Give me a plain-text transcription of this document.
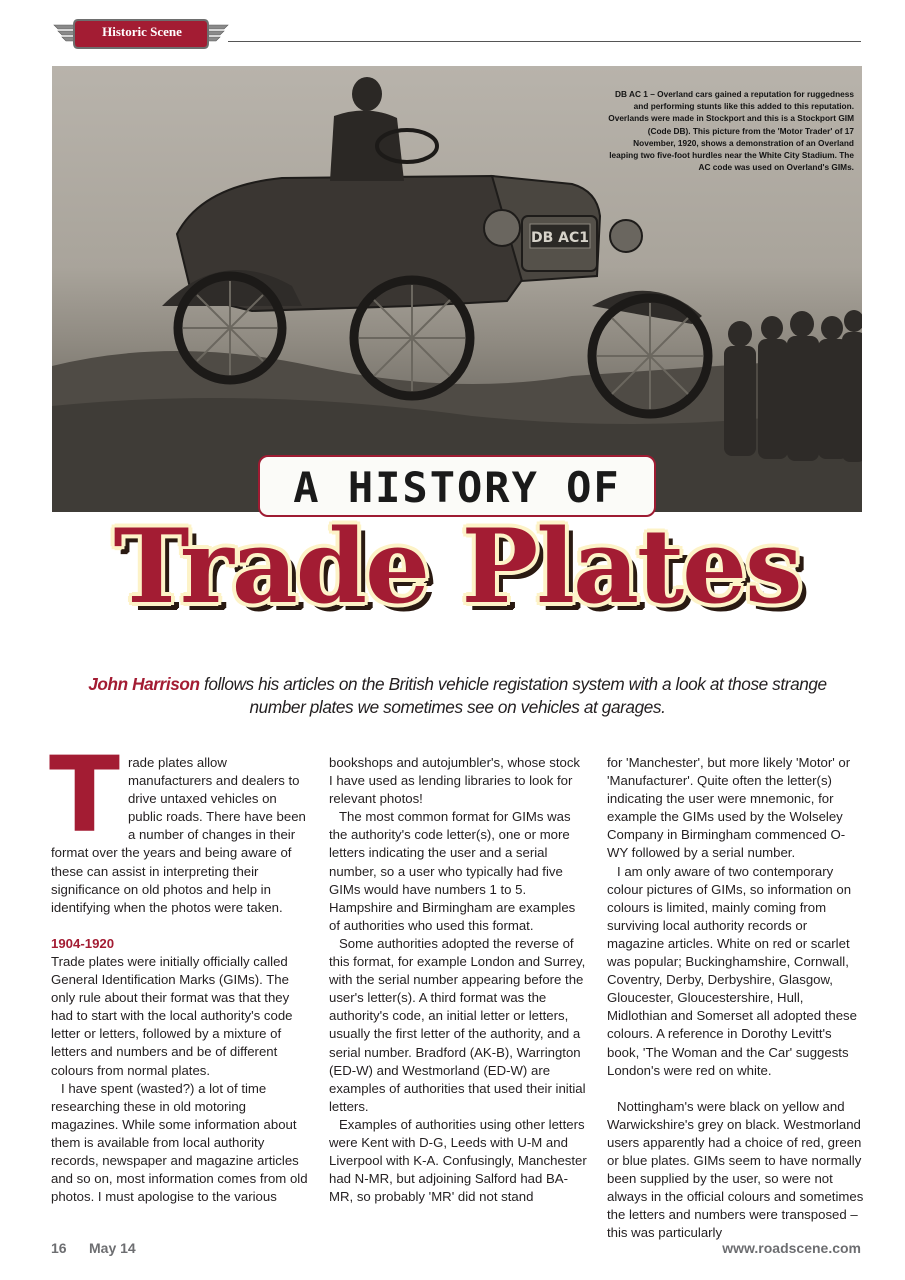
Historic Scene
DB AC1
DB AC 1 – Overland cars gained a reputation for ruggedness and performing stunts like this added to this reputation. Overlands were made in Stockport and this is a Stockport GIM (Code DB). This picture from the 'Motor Trader' of 17 November, 1920, shows a demonstration of an Overland leaping two five-foot hurdles near the White City Stadium. The AC code was used on Overland's GIMs.
A HISTORY OF
Trade Plates
John Harrison follows his articles on the British vehicle registation system with a look at those strange number plates we sometimes see on vehicles at garages.

Trade plates allow manufacturers and dealers to drive untaxed vehicles on public roads. There have been a number of changes in their format over the years and being aware of these can assist in interpreting their significance on old photos and help in identifying when the photos were taken.

1904-1920

Trade plates were initially officially called General Identification Marks (GIMs). The only rule about their format was that they had to start with the local authority's code letter or letters, followed by a mixture of letters and numbers and be of different colours from normal plates.

I have spent (wasted?) a lot of time researching these in old motoring magazines. While some information about them is available from local authority records, newspaper and magazine articles and so on, most information comes from old photos. I must apologise to the various

bookshops and autojumbler's, whose stock I have used as lending libraries to look for relevant photos!

The most common format for GIMs was the authority's code letter(s), one or more letters indicating the user and a serial number, so a user who typically had five GIMs would have numbers 1 to 5. Hampshire and Birmingham are examples of authorities who used this format.

Some authorities adopted the reverse of this format, for example London and Surrey, with the serial number appearing before the user's letter(s). A third format was the authority's code, an initial letter or letters, usually the first letter of the authority, and a serial number. Bradford (AK-B), Warrington (ED-W) and Westmorland (ED-W) are examples of authorities that used their initial letters.

Examples of authorities using other letters were Kent with D-G, Leeds with U-M and Liverpool with K-A. Confusingly, Manchester had N-MR, but adjoining Salford had BA-MR, so probably 'MR' did not stand

for 'Manchester', but more likely 'Motor' or 'Manufacturer'. Quite often the letter(s) indicating the user were mnemonic, for example the GIMs used by the Wolseley Company in Birmingham commenced O-WY followed by a serial number.

I am only aware of two contemporary colour pictures of GIMs, so information on colours is limited, mainly coming from surviving local authority records or magazine articles. White on red or scarlet was popular; Buckinghamshire, Cornwall, Coventry, Derby, Derbyshire, Glasgow, Gloucester, Gloucestershire, Hull, Midlothian and Somerset all adopted these colours. A reference in Dorothy Levitt's book, 'The Woman and the Car' suggests London's were red on white.

Nottingham's were black on yellow and Warwickshire's grey on black. Westmorland users apparently had a choice of red, green or blue plates. GIMs seem to have normally been supplied by the user, so were not always in the official colours and sometimes the letters and numbers were transposed – this was particularly

16 May 14	www.roadscene.com
